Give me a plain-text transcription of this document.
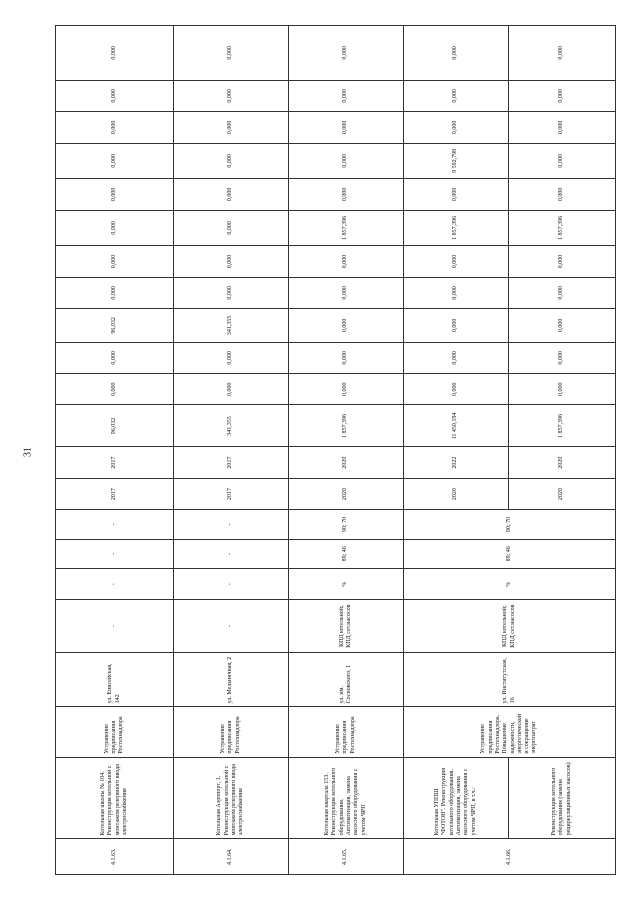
31
4.1.63.	Котельная школы № 104. Реконструкция котельной с монтажом резервного ввода электроснабжения	Устранение предписания Ростехнадзора	ул. Енисейская, 142	-	-	-	-	2017	2017	96,032	0,000	0,000	96,032	0,000	0,000	0,000	0,000	0,000	0,000	0,000	0,000
4.1.64.	Котельная Аэропорт, 1. Реконструкция котельной с монтажом резервного ввода электроснабжения	Устранение предписания Ростехнадзора	ул. Мельничная, 2	-	-	-	-	2017	2017	341,355	0,000	0,000	341,355	0,000	0,000	0,000	0,000	0,000	0,000	0,000	0,000
4.1.65.	Котельная квартала 153. Реконструкция котельного оборудования. Автоматизация, замена насосного оборудования с учетом ЧРП	Устранение предписания Ростехнадзора	ул. им. Сосновского, 1	КПД котельной; КПД сет.насосов	%	89; 46	90; 70	2020	2020	1 857,396	0,000	0,000	0,000	0,000	0,000	1 857,396	0,000	0,000	0,000	0,000	0,000
4.1.66.	Котельная УППШ "ФОТОН". Реконструкция котельного оборудования. Автоматизация, замена насосного оборудования с учетом ЧРП, в т.ч.:	Устранение предписания Ростехнадзора. Повышение надежности, энергетической и сокращение энергозатрат	ул. Институтская, 16	КПД котельной; КПД сет.насосов	%	89; 46	90; 70	2020	2022	11 450,194	0,000	0,000	0,000	0,000	0,000	1 857,396	0,000	9 592,798	0,000	0,000	0,000
	Реконструкция котельного оборудования (замена рециркуляционных насосов)							2020	2020	1 857,396	0,000	0,000	0,000	0,000	0,000	1 857,396	0,000	0,000	0,000	0,000	0,000
